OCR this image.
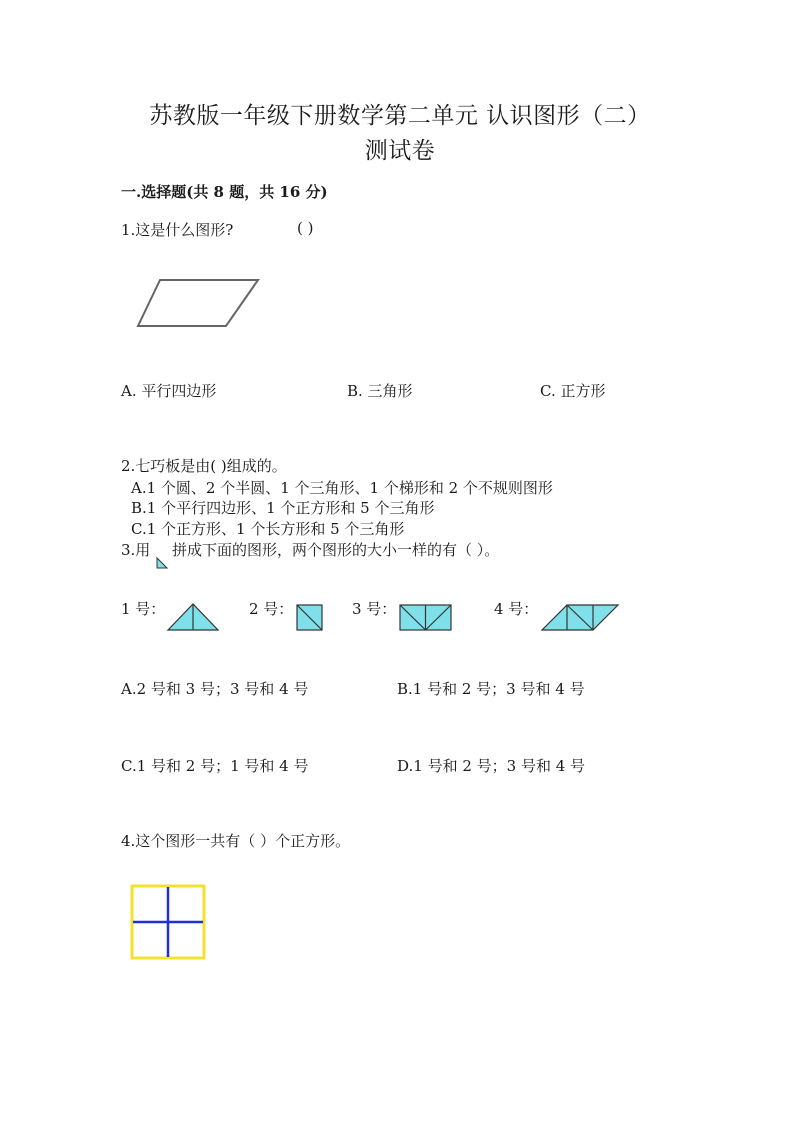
苏教版一年级下册数学第二单元 认识图形（二）
测试卷
一.选择题(共 8 题，共 16 分)
1.这是什么图形?	( )
A. 平行四边形	B. 三角形	C. 正方形
2.七巧板是由( )组成的。
A.1 个圆、2 个半圆、1 个三角形、1 个梯形和 2 个不规则图形
B.1 个平行四边形、1 个正方形和 5 个三角形
C.1 个正方形、1 个长方形和 5 个三角形
3.用 拼成下面的图形，两个图形的大小一样的有（ ）。
1 号：	2 号：	3 号：	4 号：
A.2 号和 3 号；3 号和 4 号	B.1 号和 2 号；3 号和 4 号
C.1 号和 2 号；1 号和 4 号	D.1 号和 2 号；3 号和 4 号
4.这个图形一共有（ ）个正方形。
